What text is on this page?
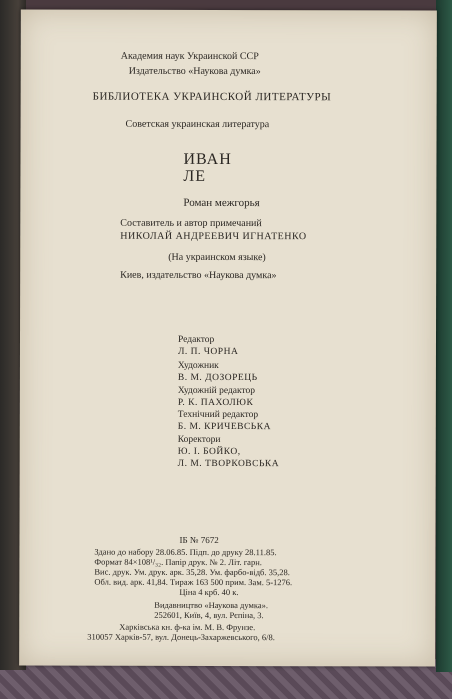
Академия наук Украинской ССР
Издательство «Наукова думка»
БИБЛИОТЕКА УКРАИНСКОЙ ЛИТЕРАТУРЫ
Советская украинская литература
ИВАН
ЛЕ
Роман межгорья
Составитель и автор примечаний
НИКОЛАЙ АНДРЕЕВИЧ ИГНАТЕНКО
(На украинском языке)
Киев, издательство «Наукова думка»
Редактор
Л. П. ЧОРНА
Художник
В. М. ДОЗОРЕЦЬ
Художній редактор
Р. К. ПАХОЛЮК
Технічний редактор
Б. М. КРИЧЕВСЬКА
Коректори
Ю. І. БОЙКО,
Л. М. ТВОРКОВСЬКА
ІБ № 7672
Здано до набору 28.06.85. Підп. до друку 28.11.85.
Формат 84×108¹/₃₂. Папір друк. № 2. Літ. гарн.
Вис. друк. Ум. друк. арк. 35,28. Ум. фарбо-відб. 35,28.
Обл. вид. арк. 41,84. Тираж 163 500 прим. Зам. 5-1276.
Ціна 4 крб. 40 к.
Видавництво «Наукова думка».
252601, Київ, 4, вул. Рєпіна, 3.
Харківська кн. ф-ка ім. М. В. Фрунзе.
310057 Харків-57, вул. Донець-Захаржевського, 6/8.
